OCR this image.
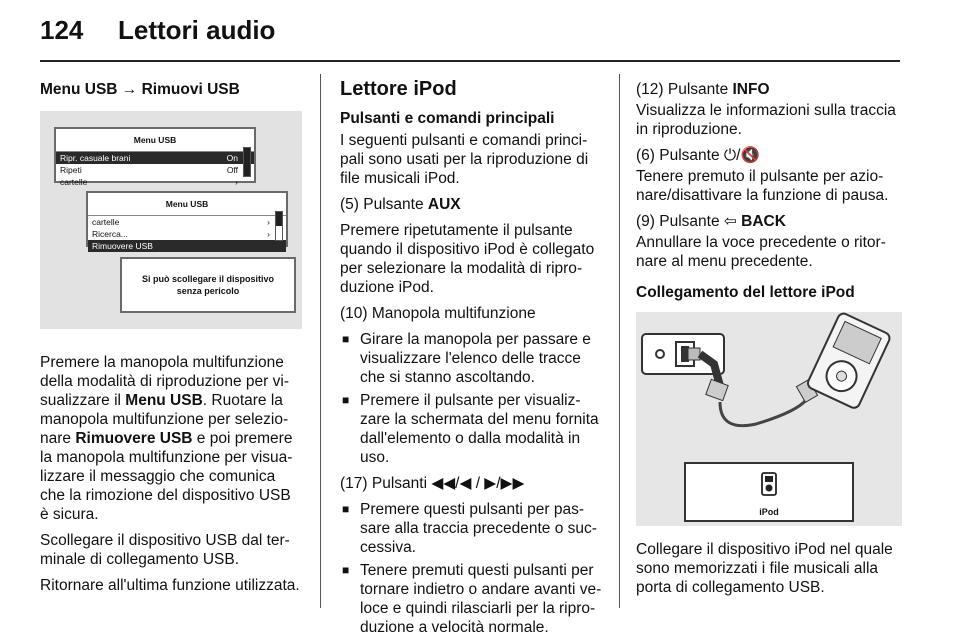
124 Lettori audio

Menu USB → Rimuovi USB

Menu USB
Ripr. casuale brani	On
Ripeti	Off
cartelle	›
Menu USB
cartelle	›
Ricerca...	›
Rimuovere USB
Si può scollegare il dispositivo
senza pericolo

Premere la manopola multifunzione della modalità di riproduzione per visualizzare il Menu USB. Ruotare la manopola multifunzione per selezionare Rimuovere USB e poi premere la manopola multifunzione per visualizzare il messaggio che comunica che la rimozione del dispositivo USB è sicura.

Scollegare il dispositivo USB dal terminale di collegamento USB.

Ritornare all'ultima funzione utilizzata.

Lettore iPod
Pulsanti e comandi principali

I seguenti pulsanti e comandi principali sono usati per la riproduzione di file musicali iPod.

(5) Pulsante AUX

Premere ripetutamente il pulsante quando il dispositivo iPod è collegato per selezionare la modalità di riproduzione iPod.

(10) Manopola multifunzione

■ Girare la manopola per passare e visualizzare l'elenco delle tracce che si stanno ascoltando.
■ Premere il pulsante per visualizzare la schermata del menu fornita dall'elemento o dalla modalità in uso.

(17) Pulsanti ◀◀/◀ / ▶/▶▶

■ Premere questi pulsanti per passare alla traccia precedente o successiva.
■ Tenere premuti questi pulsanti per tornare indietro o andare avanti veloce e quindi rilasciarli per la riproduzione a velocità normale.

(12) Pulsante INFO

Visualizza le informazioni sulla traccia in riproduzione.

(6) Pulsante ⏻/🔇

Tenere premuto il pulsante per azionare/disattivare la funzione di pausa.

(9) Pulsante ⇦ BACK

Annullare la voce precedente o ritornare al menu precedente.

Collegamento del lettore iPod

iPod

Collegare il dispositivo iPod nel quale sono memorizzati i file musicali alla porta di collegamento USB.
